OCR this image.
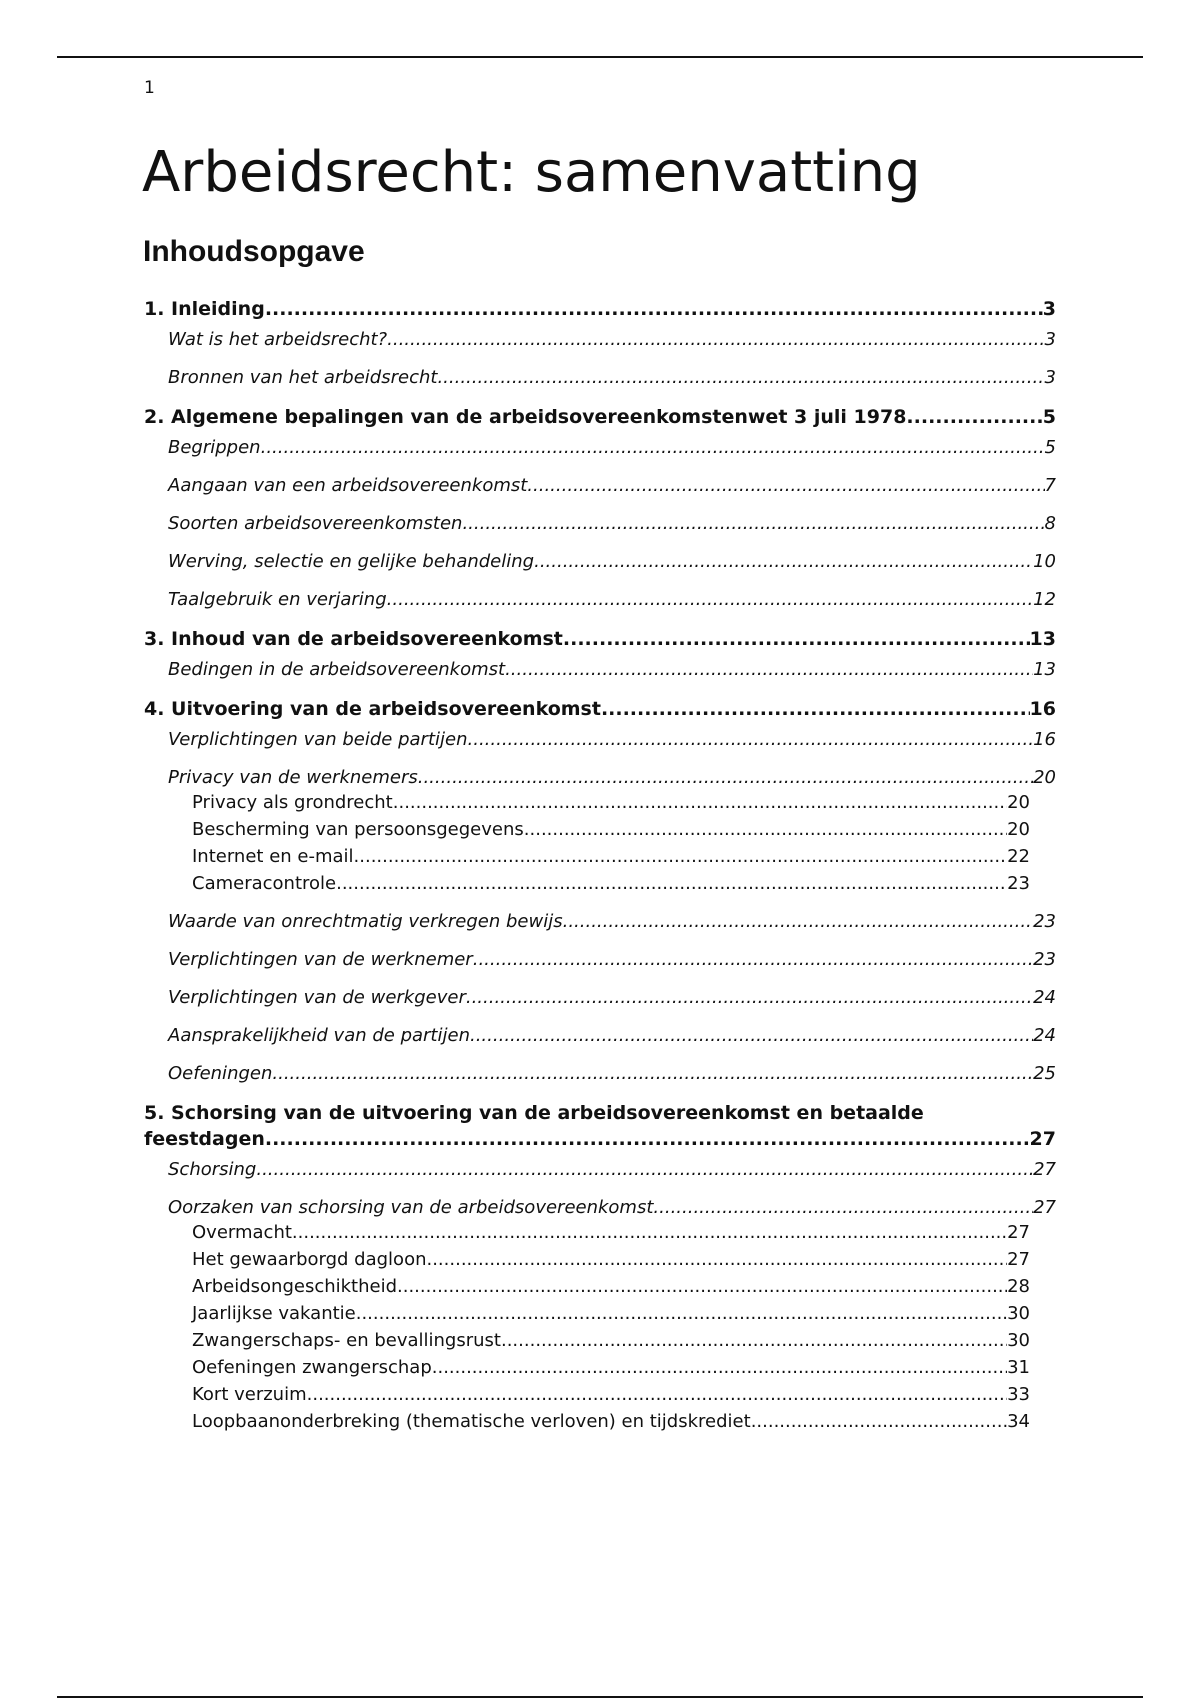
1
Arbeidsrecht: samenvatting
Inhoudsopgave
1. Inleiding .....	3
Wat is het arbeidsrecht? .....	3
Bronnen van het arbeidsrecht .....	3
2. Algemene bepalingen van de arbeidsovereenkomstenwet 3 juli 1978 .....	5
Begrippen .....	5
Aangaan van een arbeidsovereenkomst .....	7
Soorten arbeidsovereenkomsten .....	8
Werving, selectie en gelijke behandeling .....	10
Taalgebruik en verjaring .....	12
3. Inhoud van de arbeidsovereenkomst .....	13
Bedingen in de arbeidsovereenkomst .....	13
4. Uitvoering van de arbeidsovereenkomst .....	16
Verplichtingen van beide partijen .....	16
Privacy van de werknemers .....	20
Privacy als grondrecht .....	20
Bescherming van persoonsgegevens .....	20
Internet en e-mail .....	22
Cameracontrole .....	23
Waarde van onrechtmatig verkregen bewijs .....	23
Verplichtingen van de werknemer .....	23
Verplichtingen van de werkgever .....	24
Aansprakelijkheid van de partijen .....	24
Oefeningen .....	25
5. Schorsing van de uitvoering van de arbeidsovereenkomst en betaalde
feestdagen .....	27
Schorsing .....	27
Oorzaken van schorsing van de arbeidsovereenkomst .....	27
Overmacht .....	27
Het gewaarborgd dagloon .....	27
Arbeidsongeschiktheid .....	28
Jaarlijkse vakantie .....	30
Zwangerschaps- en bevallingsrust .....	30
Oefeningen zwangerschap .....	31
Kort verzuim .....	33
Loopbaanonderbreking (thematische verloven) en tijdskrediet .....	34
